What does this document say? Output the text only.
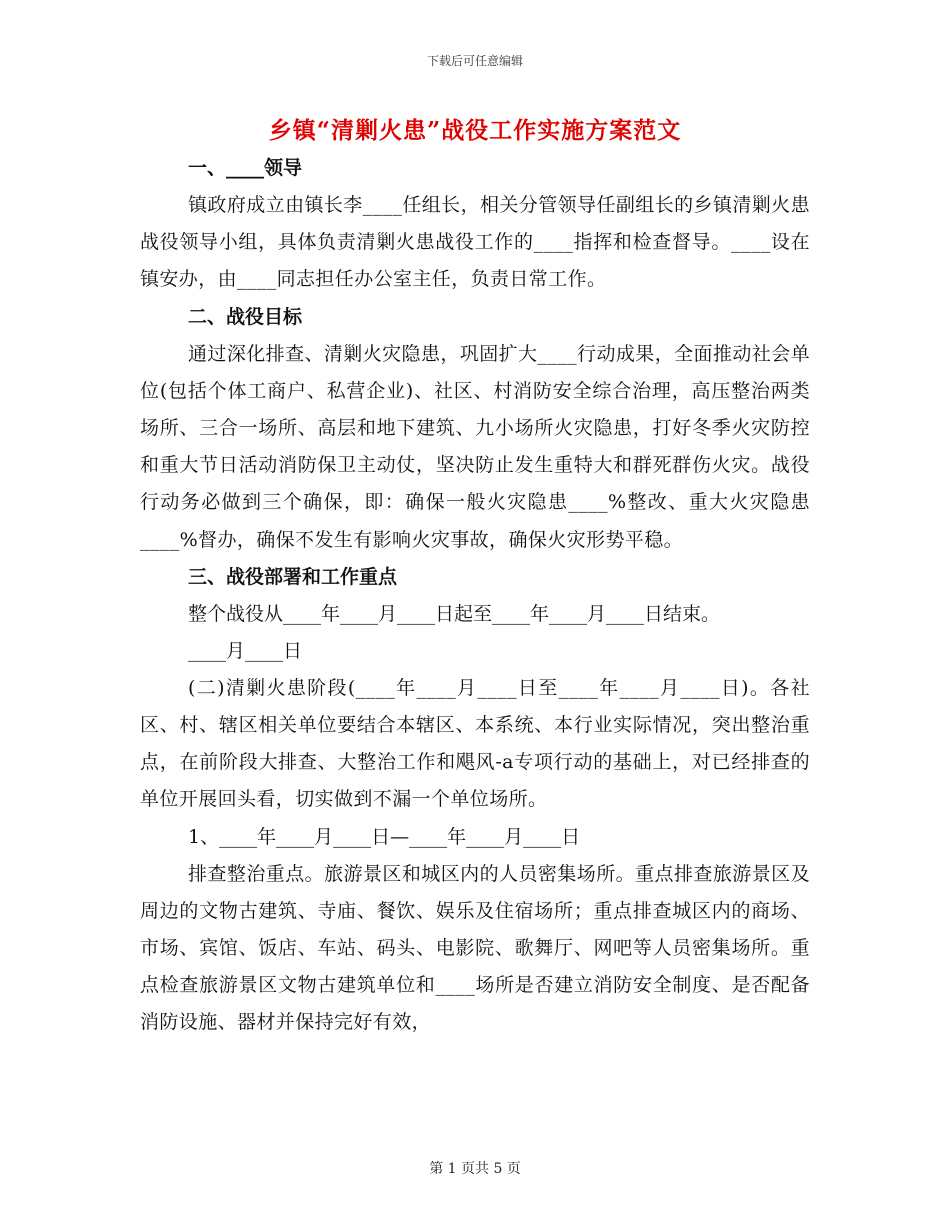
下载后可任意编辑
乡镇“清剿火患”战役工作实施方案范文
一、____领导

镇政府成立由镇长李____任组长，相关分管领导任副组长的乡镇清剿火患战役领导小组，具体负责清剿火患战役工作的____指挥和检查督导。____设在镇安办，由____同志担任办公室主任，负责日常工作。

二、战役目标

通过深化排查、清剿火灾隐患，巩固扩大____行动成果，全面推动社会单位(包括个体工商户、私营企业)、社区、村消防安全综合治理，高压整治两类场所、三合一场所、高层和地下建筑、九小场所火灾隐患，打好冬季火灾防控和重大节日活动消防保卫主动仗，坚决防止发生重特大和群死群伤火灾。战役行动务必做到三个确保，即：确保一般火灾隐患____%整改、重大火灾隐患____%督办，确保不发生有影响火灾事故，确保火灾形势平稳。

三、战役部署和工作重点
整个战役从____年____月____日起至____年____月____日结束。
____月____日

(二)清剿火患阶段(____年____月____日至____年____月____日)。各社区、村、辖区相关单位要结合本辖区、本系统、本行业实际情况，突出整治重点，在前阶段大排查、大整治工作和飓风-a专项行动的基础上，对已经排查的单位开展回头看，切实做到不漏一个单位场所。

1、____年____月____日—____年____月____日

排查整治重点。旅游景区和城区内的人员密集场所。重点排查旅游景区及周边的文物古建筑、寺庙、餐饮、娱乐及住宿场所；重点排查城区内的商场、市场、宾馆、饭店、车站、码头、电影院、歌舞厅、网吧等人员密集场所。重点检查旅游景区文物古建筑单位和____场所是否建立消防安全制度、是否配备消防设施、器材并保持完好有效，

第 1 页共 5 页
